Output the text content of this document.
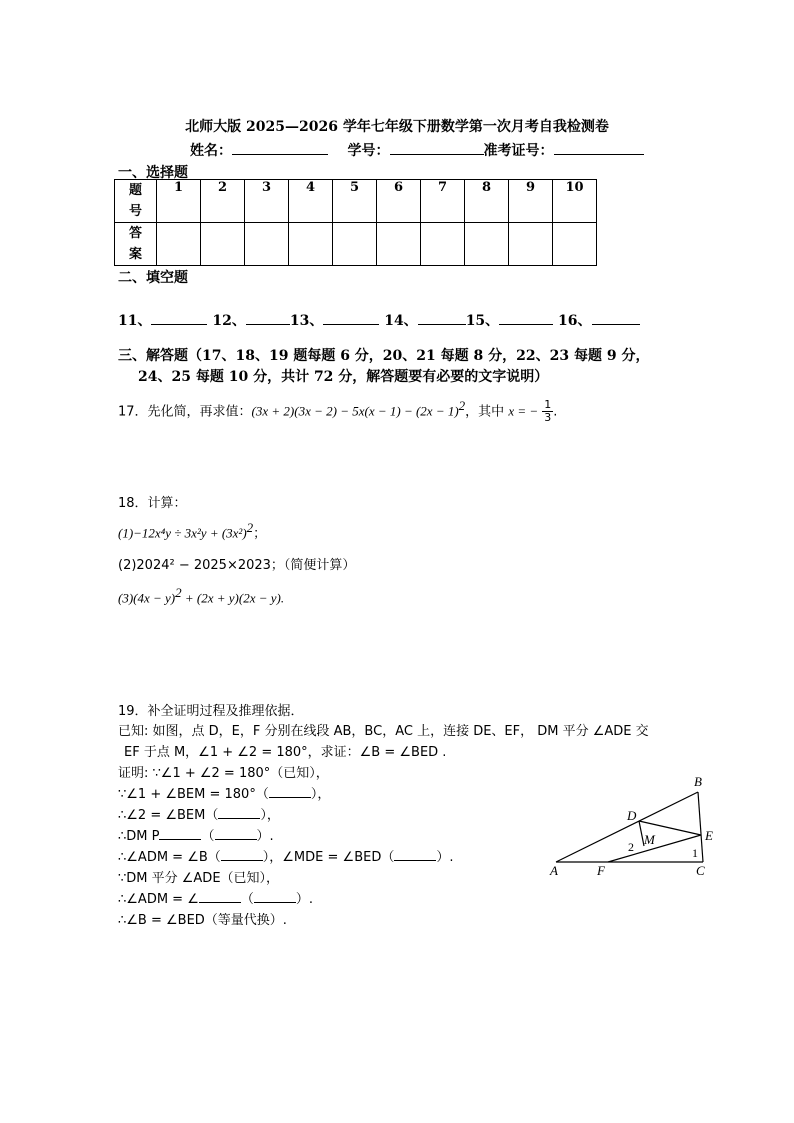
北师大版 2025—2026 学年七年级下册数学第一次月考自我检测卷
姓名：	学号：	准考证号：
一、选择题
题号	1	2	3	4	5	6	7	8	9	10
答案										
二、填空题
11、	12、	13、	14、	15、	16、
三、解答题（17、18、19 题每题 6 分，20、21 每题 8 分，22、23 每题 9 分，
24、25 每题 10 分，共计 72 分，解答题要有必要的文字说明）
17．先化简，再求值：$(3x + 2)(3x - 2) - 5x(x - 1) - (2x - 1)^2$，其中 x = − $\frac{1}{3}$ .
18．计算：
$(1)-12x^4y \div 3x^2y + (3x^2)^2$；
(2)2024² − 2025×2023；（简便计算）
$(3)(4x - y)^2 + (2x + y)(2x - y)$.
19．补全证明过程及推理依据．
已知: 如图，点 D，E，F 分别在线段 AB，BC，AC 上，连接 DE、EF， DM 平分 ∠ADE 交
EF 于点 M，∠1 + ∠2 = 180°，求证：∠B = ∠BED .
证明: ∵∠1 + ∠2 = 180°（已知），
∵∠1 + ∠BEM = 180°（	），
∴∠2 = ∠BEM（	），
∴DM P	（	）.
∴∠ADM = ∠B（	），∠MDE = ∠BED（	）.
∵DM 平分 ∠ADE（已知），
∴∠ADM = ∠	（	）.
∴∠B = ∠BED（等量代换）.
B
D
M	E
A	F	C
2	1
